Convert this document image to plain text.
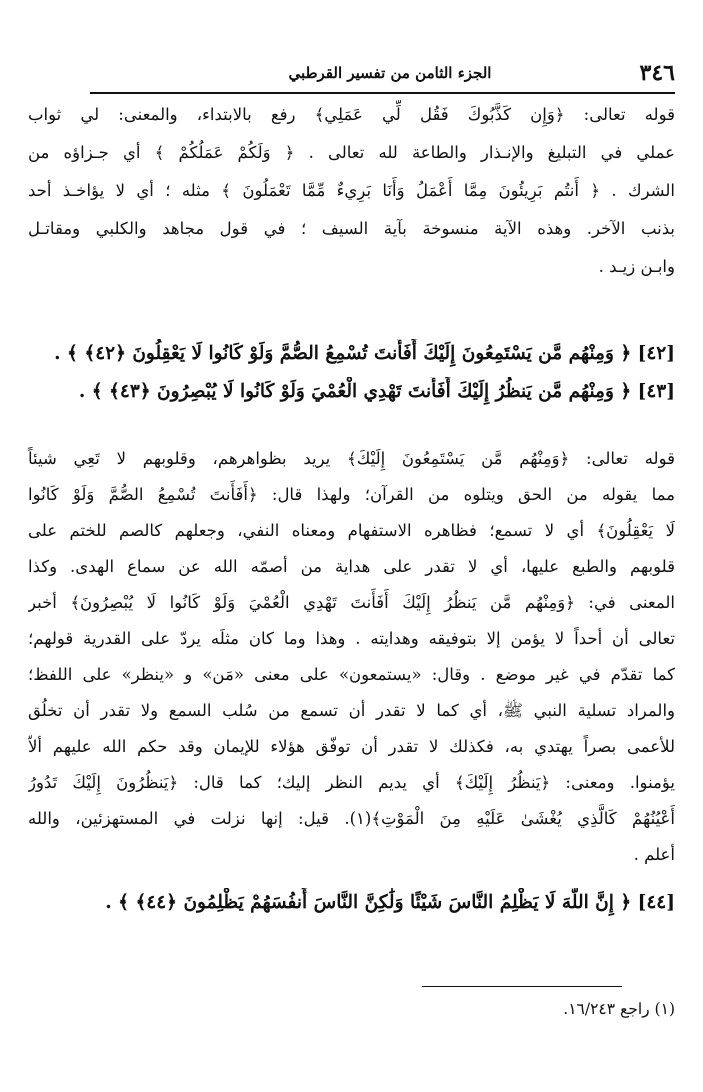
٣٤٦
الجزء الثامن من تفسير القرطبي
قوله تعالى: ﴿وَإِن كَذَّبُوكَ فَقُل لِّي عَمَلِي﴾ رفع بالابتداء، والمعنى: لي ثواب
عملي في التبليغ والإنـذار والطاعة لله تعالى . ﴿ وَلَكُمْ عَمَلُكُمْ ﴾ أي جـزاؤه من
الشرك . ﴿ أَنتُم بَرِيئُونَ مِمَّا أَعْمَلُ وَأَنَا بَرِيءٌ مِّمَّا تَعْمَلُونَ ﴾ مثله ؛ أي لا يؤاخـذ أحد
بذنب الآخر. وهذه الآية منسوخة بآية السيف ؛ في قول مجاهد والكلبي ومقاتـل
وابـن زيـد .
[٤٢] ﴿ وَمِنْهُم مَّن يَسْتَمِعُونَ إِلَيْكَ أَفَأَنتَ تُسْمِعُ الصُّمَّ وَلَوْ كَانُوا لَا يَعْقِلُونَ ﴿٤٢﴾ ﴾ .
[٤٣] ﴿ وَمِنْهُم مَّن يَنظُرُ إِلَيْكَ أَفَأَنتَ تَهْدِي الْعُمْيَ وَلَوْ كَانُوا لَا يُبْصِرُونَ ﴿٤٣﴾ ﴾ .
قوله تعالى: ﴿وَمِنْهُم مَّن يَسْتَمِعُونَ إِلَيْكَ﴾ يريد بظواهرهم، وقلوبهم لا تَعِي شيئاً
مما يقوله من الحق ويتلوه من القرآن؛ ولهذا قال: ﴿أَفَأَنتَ تُسْمِعُ الصُّمَّ وَلَوْ كَانُوا
لَا يَعْقِلُونَ﴾ أي لا تسمع؛ فظاهره الاستفهام ومعناه النفي، وجعلهم كالصم للختم على
قلوبهم والطبع عليها، أي لا تقدر على هداية من أصمّه الله عن سماع الهدى. وكذا
المعنى في: ﴿وَمِنْهُم مَّن يَنظُرُ إِلَيْكَ أَفَأَنتَ تَهْدِي الْعُمْيَ وَلَوْ كَانُوا لَا يُبْصِرُونَ﴾ أخبر
تعالى أن أحداً لا يؤمن إلا بتوفيقه وهدايته . وهذا وما كان مثلَه يردّ على القدرية قولهم؛
كما تقدّم في غير موضع . وقال: «يستمعون» على معنى «مَن» و «ينظر» على اللفظ؛
والمراد تسلية النبي ﷺ، أي كما لا تقدر أن تسمع من سُلب السمع ولا تقدر أن تخلُق
للأعمى بصراً يهتدي به، فكذلك لا تقدر أن توفّق هؤلاء للإيمان وقد حكم الله عليهم ألاّ
يؤمنوا. ومعنى: ﴿يَنظُرُ إِلَيْكَ﴾ أي يديم النظر إليك؛ كما قال: ﴿يَنظُرُونَ إِلَيْكَ تَدُورُ
أَعْيُنُهُمْ كَالَّذِي يُغْشَىٰ عَلَيْهِ مِنَ الْمَوْتِ﴾(١). قيل: إنها نزلت في المستهزئين، والله
أعلم .
[٤٤] ﴿ إِنَّ اللَّهَ لَا يَظْلِمُ النَّاسَ شَيْئًا وَلَٰكِنَّ النَّاسَ أَنفُسَهُمْ يَظْلِمُونَ ﴿٤٤﴾ ﴾ .
(١) راجع ١٦/٢٤٣.
